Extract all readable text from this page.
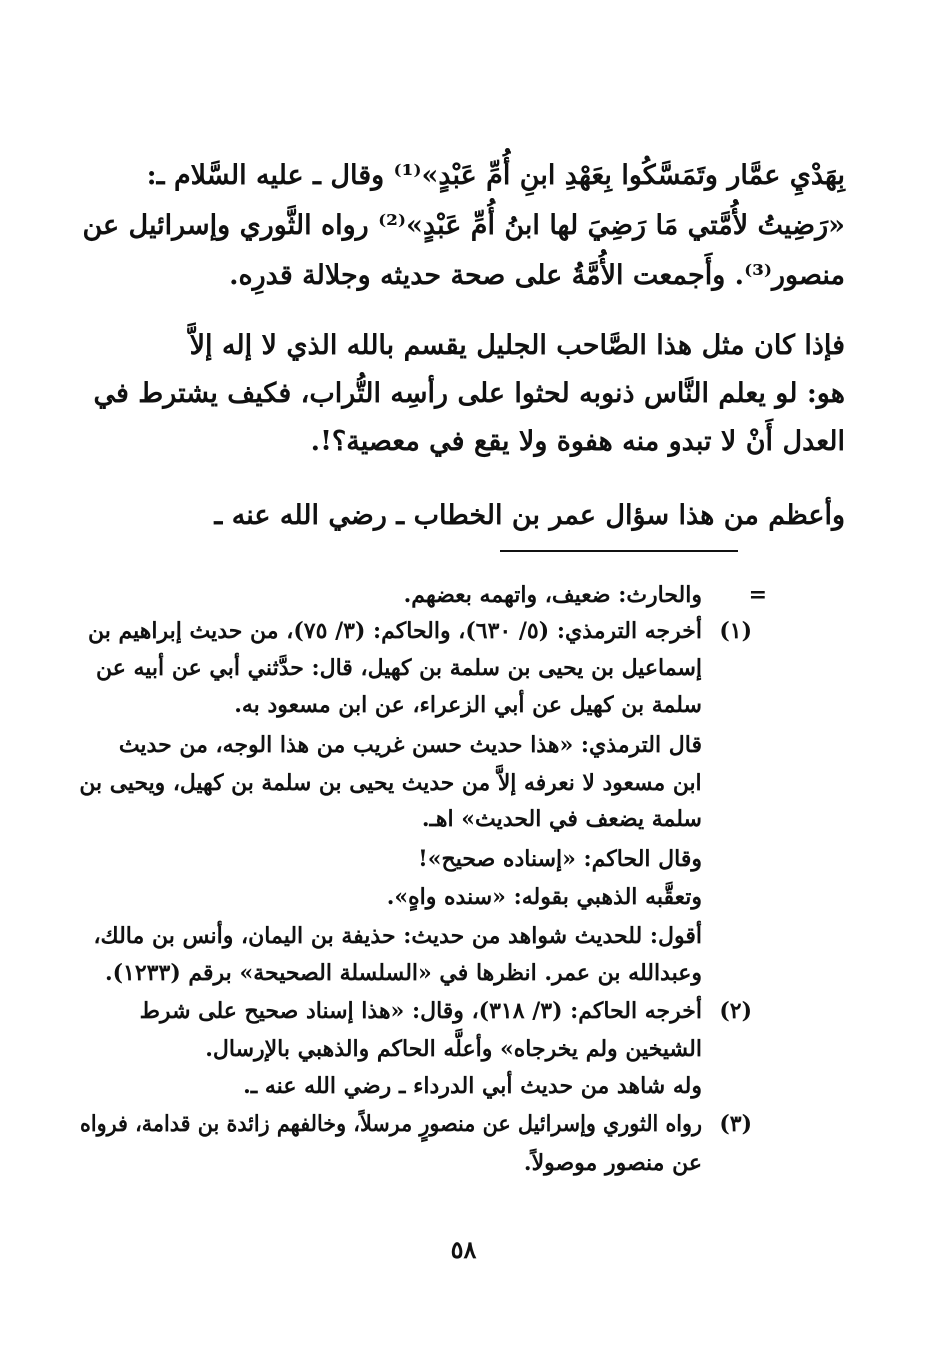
بِهَدْيِ عمَّار وتَمَسَّكُوا بِعَهْدِ ابنِ أُمِّ عَبْدٍ»⁽¹⁾ وقال ـ عليه السَّلام ـ:
«رَضِيتُ لأُمَّتي مَا رَضِيَ لها ابنُ أُمِّ عَبْدٍ»⁽²⁾ رواه الثَّوري وإسرائيل عن
منصور⁽³⁾. وأَجمعت الأُمَّةُ على صحة حديثه وجلالة قدرِه.
فإذا كان مثل هذا الصَّاحب الجليل يقسم بالله الذي لا إله إلاَّ
هو: لو يعلم النَّاس ذنوبه لحثوا على رأسِه التُّراب، فكيف يشترط في
العدل أَنْ لا تبدو منه هفوة ولا يقع في معصية؟!.
وأعظم من هذا سؤال عمر بن الخطاب ـ رضي الله عنه ـ
=
والحارث: ضعيف، واتهمه بعضهم.
(١)
أخرجه الترمذي: (٥/ ٦٣٠)، والحاكم: (٣/ ٧٥)، من حديث إبراهيم بن
إسماعيل بن يحيى بن سلمة بن كهيل، قال: حدَّثني أبي عن أبيه عن
سلمة بن كهيل عن أبي الزعراء، عن ابن مسعود به.
قال الترمذي: «هذا حديث حسن غريب من هذا الوجه، من حديث
ابن مسعود لا نعرفه إلاَّ من حديث يحيى بن سلمة بن كهيل، ويحيى بن
سلمة يضعف في الحديث» اهـ.
وقال الحاكم: «إسناده صحيح»!
وتعقَّبه الذهبي بقوله: «سنده واهٍ».
أقول: للحديث شواهد من حديث: حذيفة بن اليمان، وأنس بن مالك،
وعبدالله بن عمر. انظرها في «السلسلة الصحيحة» برقم (١٢٣٣).
(٢)
أخرجه الحاكم: (٣/ ٣١٨)، وقال: «هذا إسناد صحيح على شرط
الشيخين ولم يخرجاه» وأعلَّه الحاكم والذهبي بالإرسال.
وله شاهد من حديث أبي الدرداء ـ رضي الله عنه ـ.
(٣)
رواه الثوري وإسرائيل عن منصورٍ مرسلاً، وخالفهم زائدة بن قدامة، فرواه
عن منصور موصولاً.
٥٨
